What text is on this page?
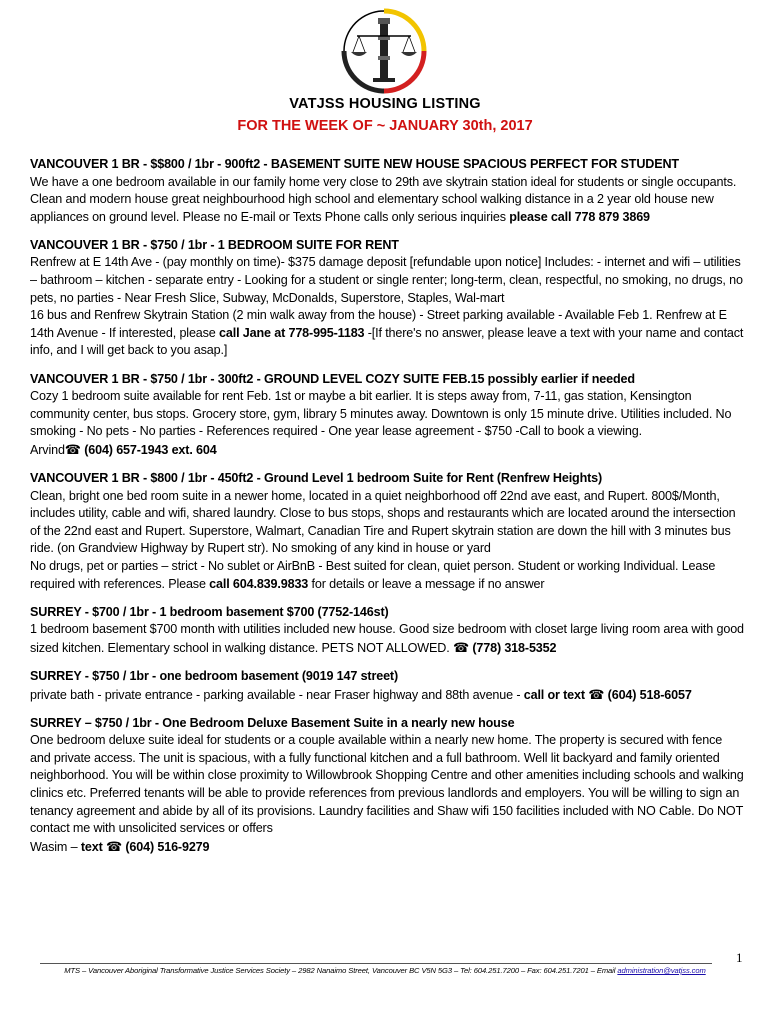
VATJSS HOUSING LISTING
FOR THE WEEK OF ~ JANUARY 30th, 2017

VANCOUVER 1 BR - $$800 / 1br - 900ft2 - BASEMENT SUITE NEW HOUSE SPACIOUS PERFECT FOR STUDENT

We have a one bedroom available in our family home very close to 29th ave skytrain station ideal for students or single occupants. Clean and modern house great neighbourhood high school and elementary school walking distance in a 2 year old house new appliances on ground level. Please no E-mail or Texts Phone calls only serious inquiries please call 778 879 3869

VANCOUVER 1 BR - $750 / 1br - 1 BEDROOM SUITE FOR RENT

Renfrew at E 14th Ave - (pay monthly on time)- $375 damage deposit [refundable upon notice] Includes: - internet and wifi – utilities – bathroom – kitchen - separate entry - Looking for a student or single renter; long-term, clean, respectful, no smoking, no drugs, no pets, no parties - Near Fresh Slice, Subway, McDonalds, Superstore, Staples, Wal-mart

16 bus and Renfrew Skytrain Station (2 min walk away from the house) - Street parking available - Available Feb 1. Renfrew at E 14th Avenue - If interested, please call Jane at 778-995-1183 -[If there's no answer, please leave a text with your name and contact info, and I will get back to you asap.]

VANCOUVER 1 BR - $750 / 1br - 300ft2 - GROUND LEVEL COZY SUITE FEB.15 possibly earlier if needed

Cozy 1 bedroom suite available for rent Feb. 1st or maybe a bit earlier. It is steps away from, 7-11, gas station, Kensington community center, bus stops. Grocery store, gym, library 5 minutes away. Downtown is only 15 minute drive. Utilities included. No smoking - No pets - No parties - References required - One year lease agreement - $750 -Call to book a viewing.

Arvind☎ (604) 657-1943 ext. 604

VANCOUVER 1 BR - $800 / 1br - 450ft2 - Ground Level 1 bedroom Suite for Rent (Renfrew Heights)

Clean, bright one bed room suite in a newer home, located in a quiet neighborhood off 22nd ave east, and Rupert. 800$/Month, includes utility, cable and wifi, shared laundry. Close to bus stops, shops and restaurants which are located around the intersection of the 22nd east and Rupert. Superstore, Walmart, Canadian Tire and Rupert skytrain station are down the hill with 3 minutes bus ride. (on Grandview Highway by Rupert str). No smoking of any kind in house or yard

No drugs, pet or parties – strict - No sublet or AirBnB - Best suited for clean, quiet person. Student or working Individual. Lease required with references. Please call 604.839.9833 for details or leave a message if no answer

SURREY - $700 / 1br - 1 bedroom basement $700 (7752-146st)

1 bedroom basement $700 month with utilities included new house. Good size bedroom with closet large living room area with good sized kitchen. Elementary school in walking distance. PETS NOT ALLOWED. ☎ (778) 318-5352

SURREY - $750 / 1br - one bedroom basement (9019 147 street)

private bath - private entrance - parking available - near Fraser highway and 88th avenue - call or text ☎ (604) 518-6057

SURREY – $750 / 1br - One Bedroom Deluxe Basement Suite in a nearly new house

One bedroom deluxe suite ideal for students or a couple available within a nearly new home. The property is secured with fence and private access. The unit is spacious, with a fully functional kitchen and a full bathroom. Well lit backyard and family oriented neighborhood. You will be within close proximity to Willowbrook Shopping Centre and other amenities including schools and walking clinics etc. Preferred tenants will be able to provide references from previous landlords and employers. You will be willing to sign an tenancy agreement and abide by all of its provisions. Laundry facilities and Shaw wifi 150 facilities included with NO Cable. Do NOT contact me with unsolicited services or offers

Wasim – text ☎ (604) 516-9279

1
MTS – Vancouver Aboriginal Transformative Justice Services Society – 2982 Nanaimo Street, Vancouver BC V5N 5G3 – Tel: 604.251.7200 – Fax: 604.251.7201 – Email administration@vatjss.com
